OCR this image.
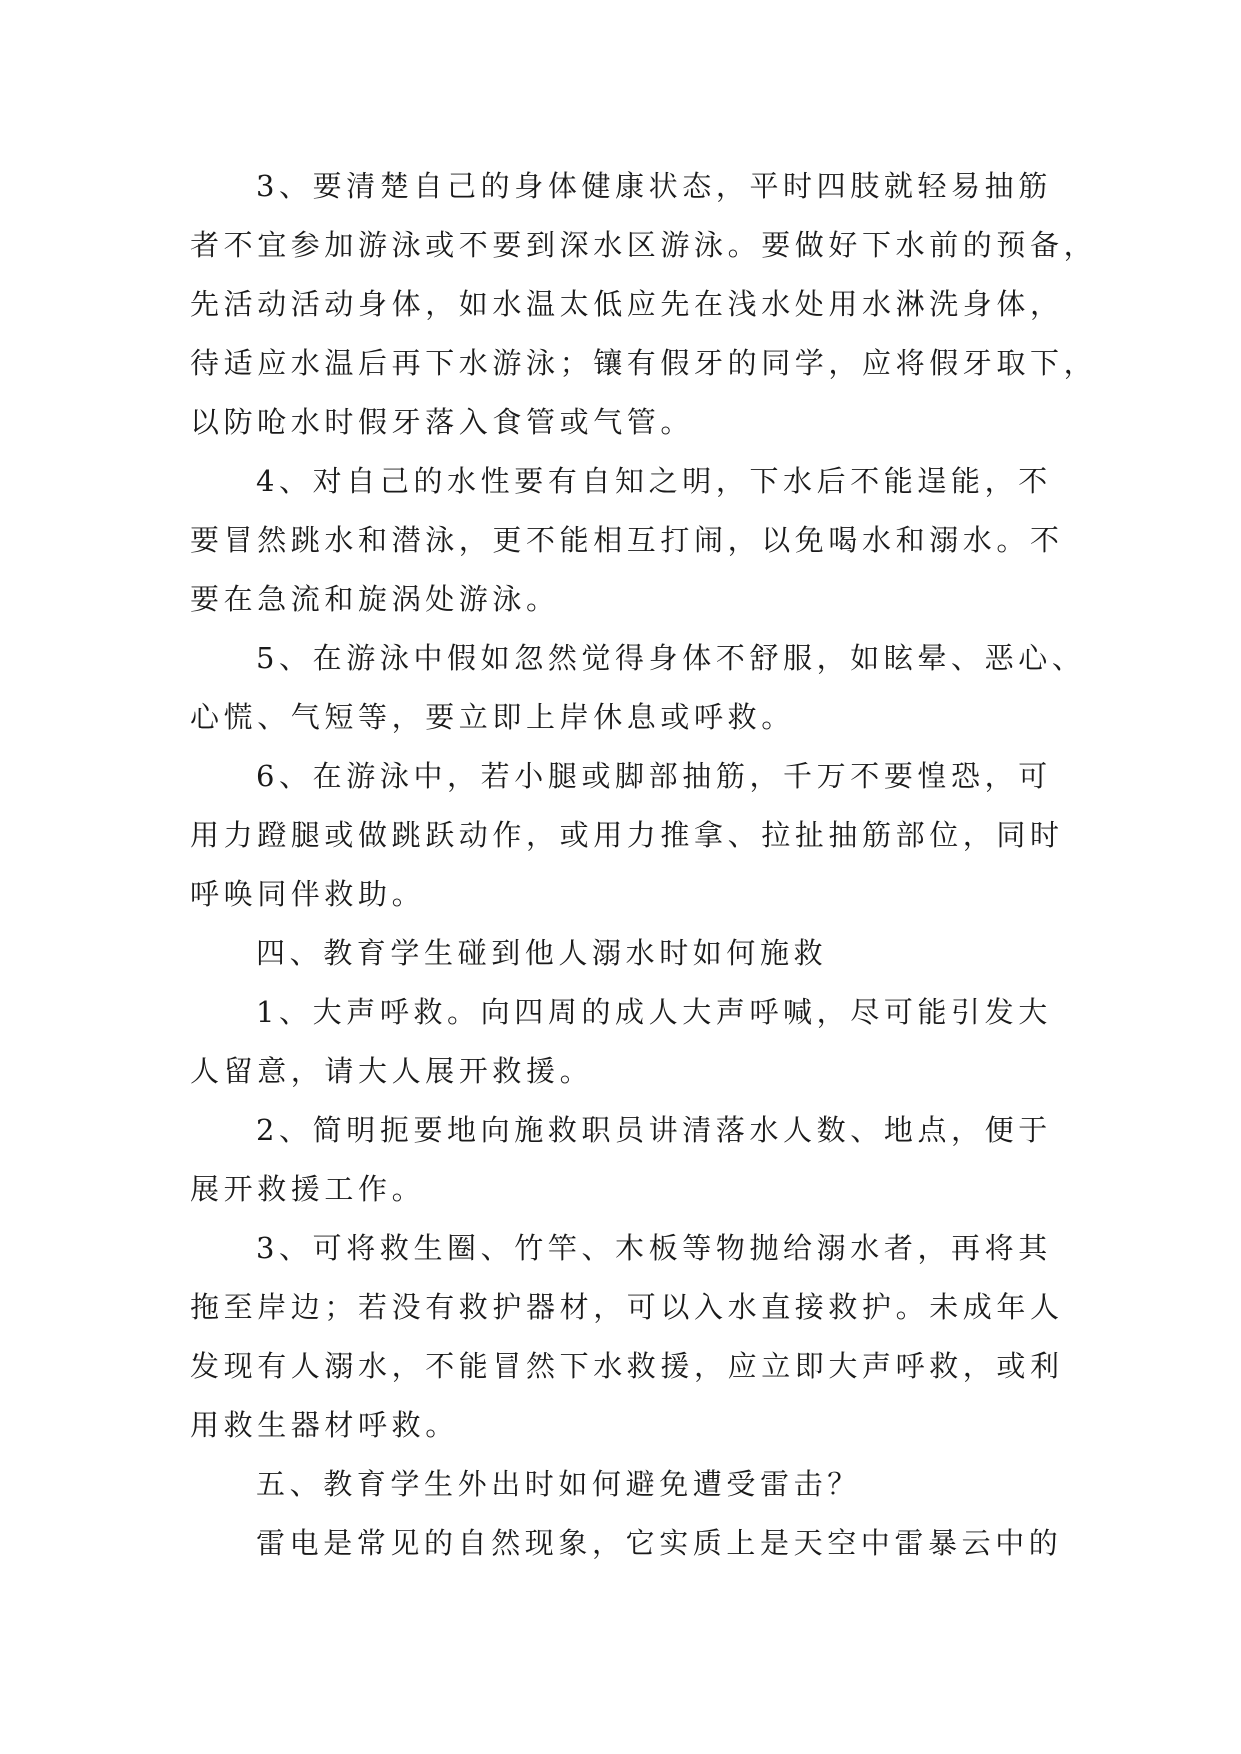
3、要清楚自己的身体健康状态，平时四肢就轻易抽筋
者不宜参加游泳或不要到深水区游泳。要做好下水前的预备，
先活动活动身体，如水温太低应先在浅水处用水淋洗身体，
待适应水温后再下水游泳；镶有假牙的同学，应将假牙取下，
以防呛水时假牙落入食管或气管。
4、对自己的水性要有自知之明，下水后不能逞能，不
要冒然跳水和潜泳，更不能相互打闹，以免喝水和溺水。不
要在急流和旋涡处游泳。
5、在游泳中假如忽然觉得身体不舒服，如眩晕、恶心、
心慌、气短等，要立即上岸休息或呼救。
6、在游泳中，若小腿或脚部抽筋，千万不要惶恐，可
用力蹬腿或做跳跃动作，或用力推拿、拉扯抽筋部位，同时
呼唤同伴救助。
四、教育学生碰到他人溺水时如何施救
1、大声呼救。向四周的成人大声呼喊，尽可能引发大
人留意，请大人展开救援。
2、简明扼要地向施救职员讲清落水人数、地点，便于
展开救援工作。
3、可将救生圈、竹竿、木板等物抛给溺水者，再将其
拖至岸边；若没有救护器材，可以入水直接救护。未成年人
发现有人溺水，不能冒然下水救援，应立即大声呼救，或利
用救生器材呼救。
五、教育学生外出时如何避免遭受雷击？
雷电是常见的自然现象，它实质上是天空中雷暴云中的
